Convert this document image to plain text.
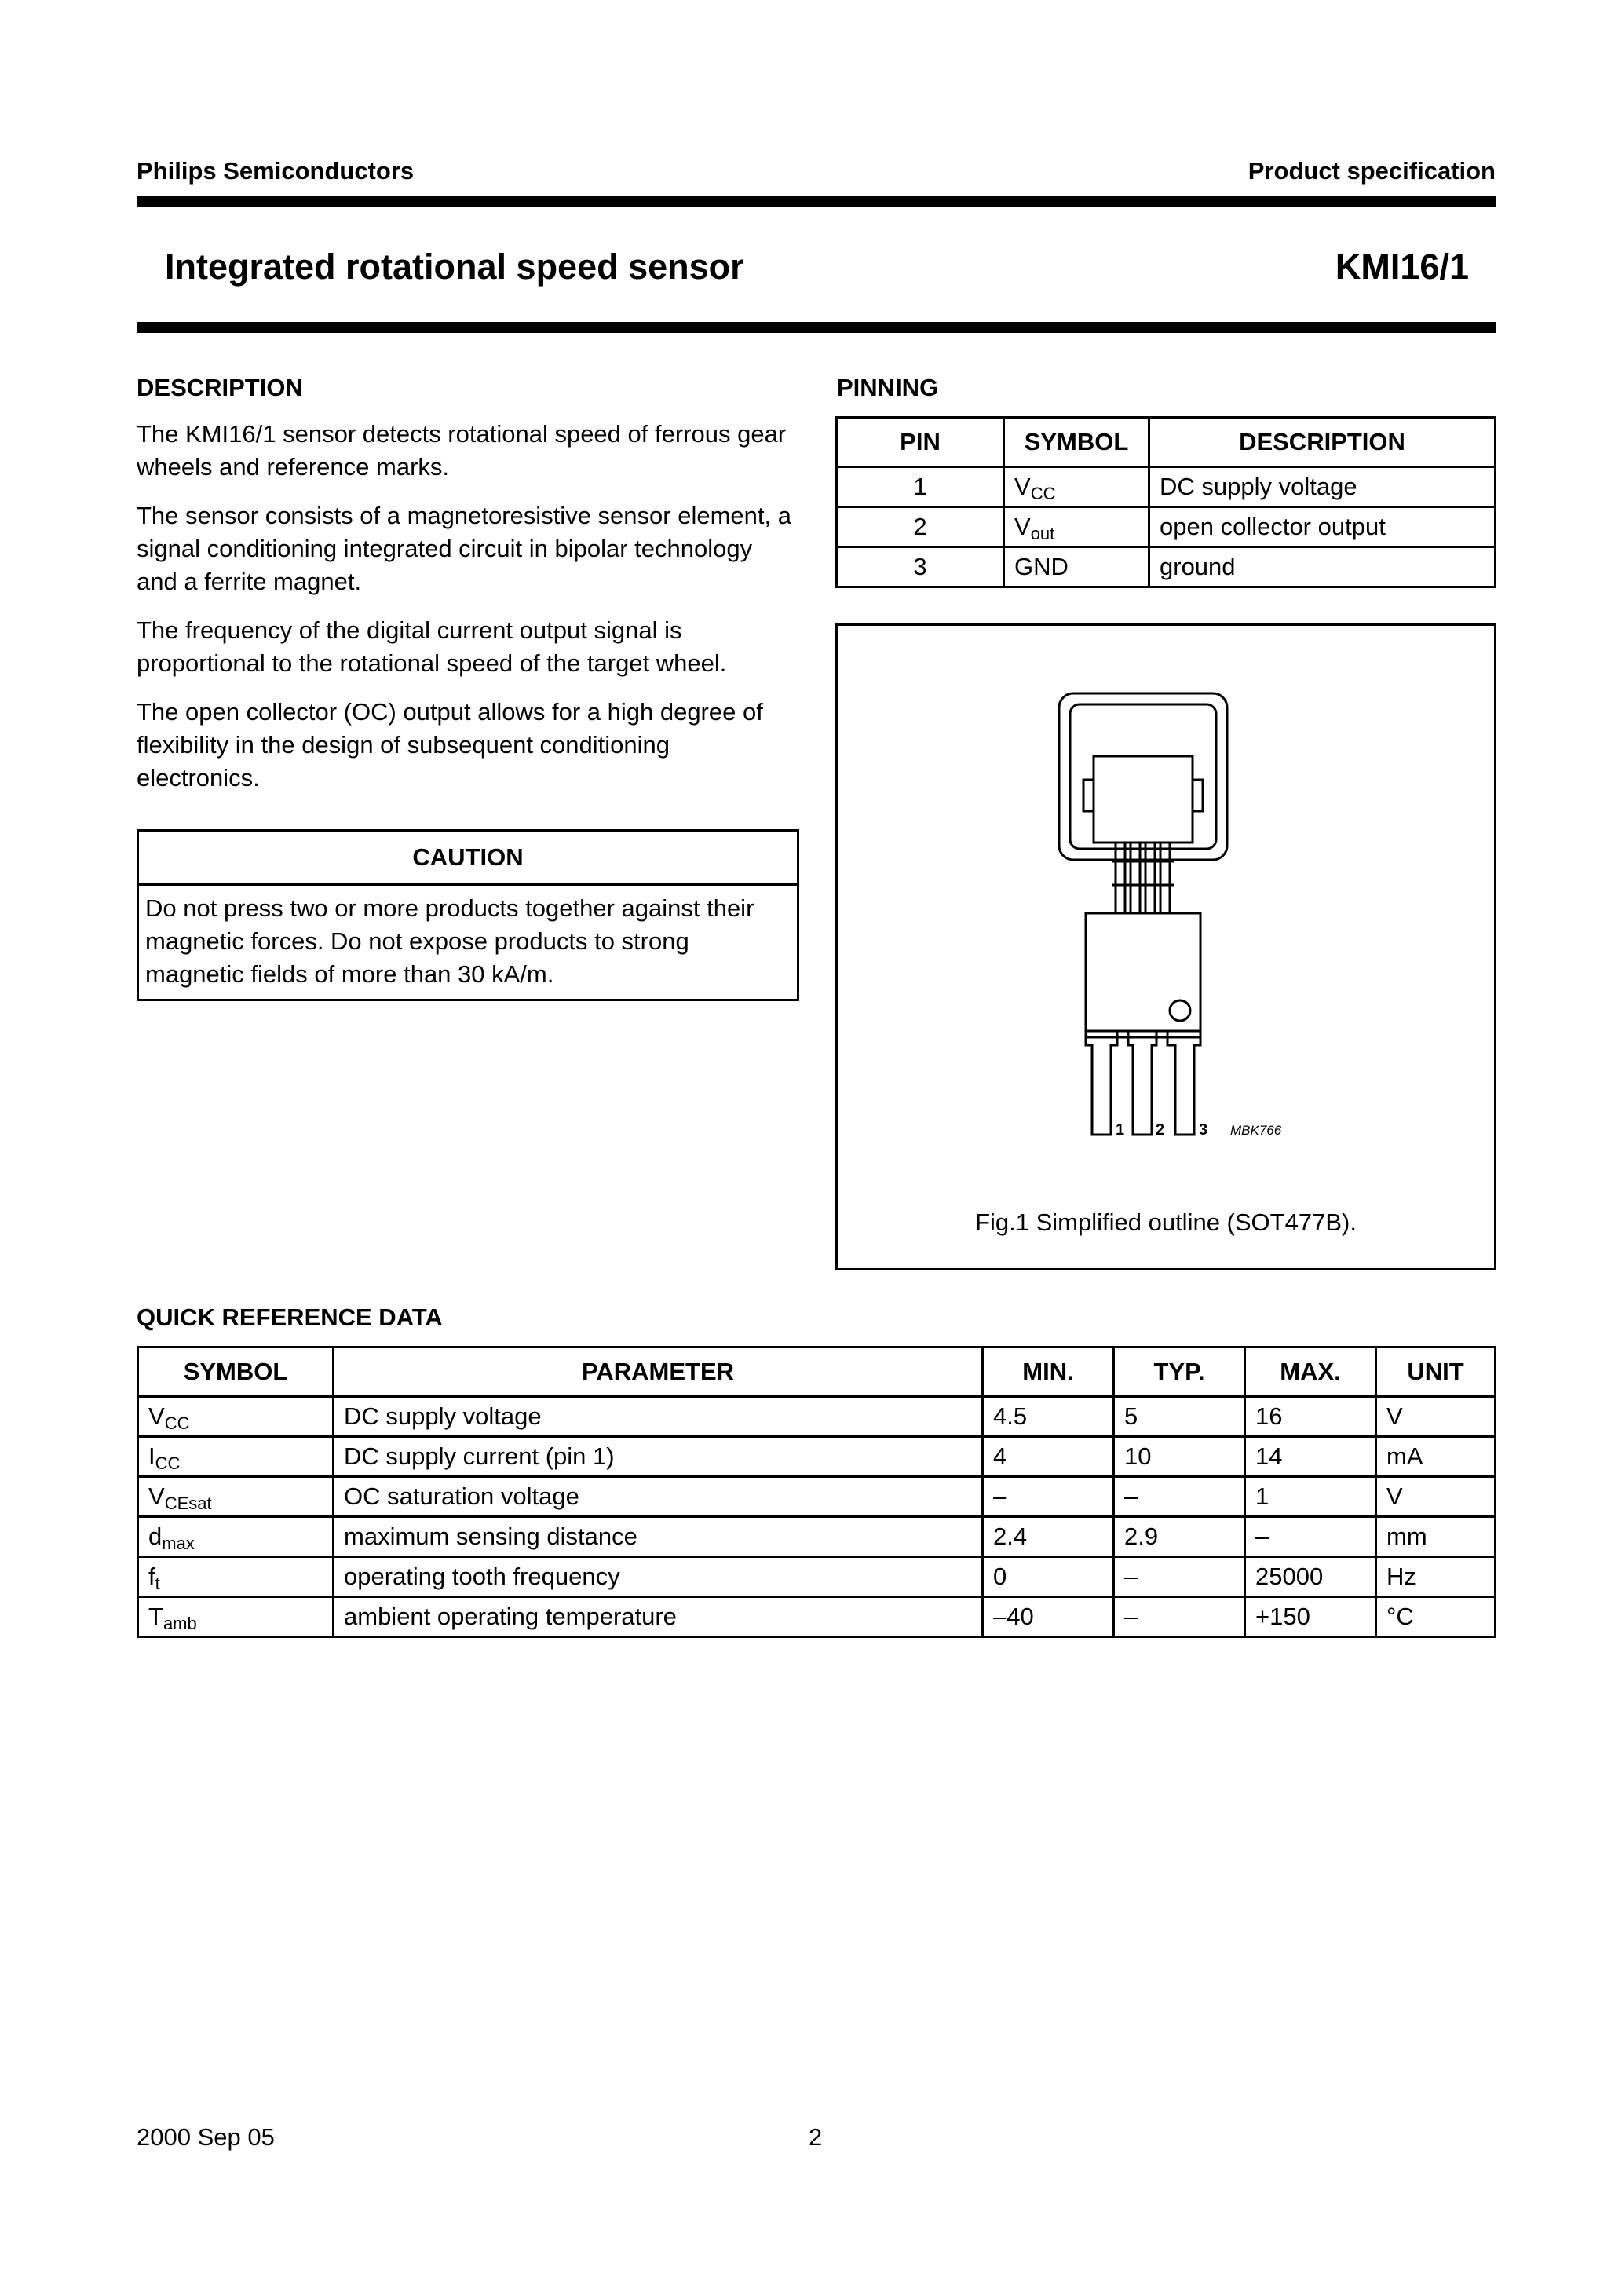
Philips Semiconductors	Product specification
Integrated rotational speed sensor	KMI16/1
DESCRIPTION

The KMI16/1 sensor detects rotational speed of ferrous gear wheels and reference marks.

The sensor consists of a magnetoresistive sensor element, a signal conditioning integrated circuit in bipolar technology and a ferrite magnet.

The frequency of the digital current output signal is proportional to the rotational speed of the target wheel.

The open collector (OC) output allows for a high degree of flexibility in the design of subsequent conditioning electronics.

CAUTION
Do not press two or more products together against their magnetic forces. Do not expose products to strong magnetic fields of more than 30 kA/m.
PINNING
PIN	SYMBOL	DESCRIPTION
1	$V_{CC}$	DC supply voltage
2	$V_{out}$	open collector output
3	GND	ground
1 2 3 MBK766
Fig.1 Simplified outline (SOT477B).
QUICK REFERENCE DATA
SYMBOL	PARAMETER	MIN.	TYP.	MAX.	UNIT
$V_{CC}$	DC supply voltage	4.5	5	16	V
$I_{CC}$	DC supply current (pin 1)	4	10	14	mA
$V_{CEsat}$	OC saturation voltage	–	–	1	V
$d_{max}$	maximum sensing distance	2.4	2.9	–	mm
$f_t$	operating tooth frequency	0	–	25000	Hz
$T_{amb}$	ambient operating temperature	–40	–	+150	°C
2000 Sep 05	2
